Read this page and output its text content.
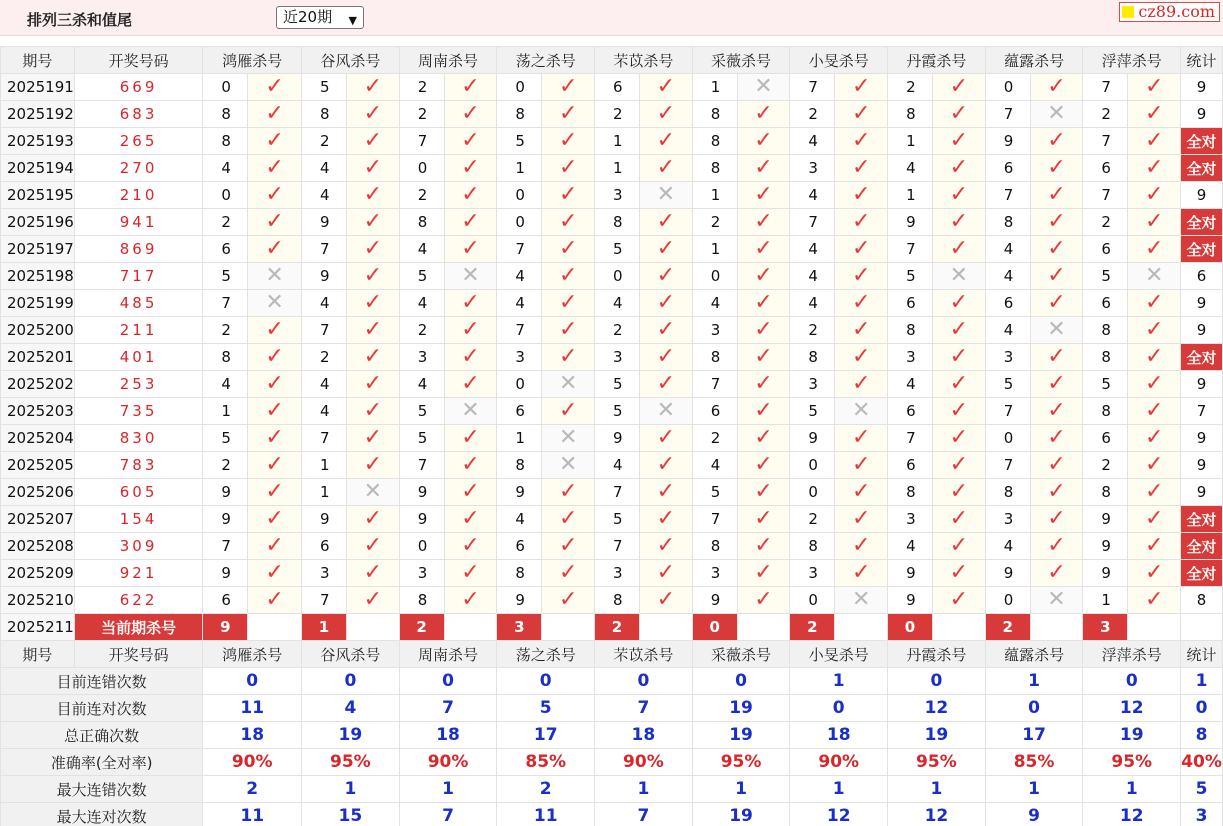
排列三杀和值尾	近20期 ▼	cz89.com
期号	开奖号码	鸿雁杀号		谷风杀号		周南杀号		荡之杀号		芣苡杀号		采薇杀号		小旻杀号		丹霞杀号		蕴露杀号		浮萍杀号		统计
2025191	669	0	✓	5	✓	2	✓	0	✓	6	✓	1	✕	7	✓	2	✓	0	✓	7	✓	9
2025192	683	8	✓	8	✓	2	✓	8	✓	2	✓	8	✓	2	✓	8	✓	7	✕	2	✓	9
2025193	265	8	✓	2	✓	7	✓	5	✓	1	✓	8	✓	4	✓	1	✓	9	✓	7	✓	全对
2025194	270	4	✓	4	✓	0	✓	1	✓	1	✓	8	✓	3	✓	4	✓	6	✓	6	✓	全对
2025195	210	0	✓	4	✓	2	✓	0	✓	3	✕	1	✓	4	✓	1	✓	7	✓	7	✓	9
2025196	941	2	✓	9	✓	8	✓	0	✓	8	✓	2	✓	7	✓	9	✓	8	✓	2	✓	全对
2025197	869	6	✓	7	✓	4	✓	7	✓	5	✓	1	✓	4	✓	7	✓	4	✓	6	✓	全对
2025198	717	5	✕	9	✓	5	✕	4	✓	0	✓	0	✓	4	✓	5	✕	4	✓	5	✕	6
2025199	485	7	✕	4	✓	4	✓	4	✓	4	✓	4	✓	4	✓	6	✓	6	✓	6	✓	9
2025200	211	2	✓	7	✓	2	✓	7	✓	2	✓	3	✓	2	✓	8	✓	4	✕	8	✓	9
2025201	401	8	✓	2	✓	3	✓	3	✓	3	✓	8	✓	8	✓	3	✓	3	✓	8	✓	全对
2025202	253	4	✓	4	✓	4	✓	0	✕	5	✓	7	✓	3	✓	4	✓	5	✓	5	✓	9
2025203	735	1	✓	4	✓	5	✕	6	✓	5	✕	6	✓	5	✕	6	✓	7	✓	8	✓	7
2025204	830	5	✓	7	✓	5	✓	1	✕	9	✓	2	✓	9	✓	7	✓	0	✓	6	✓	9
2025205	783	2	✓	1	✓	7	✓	8	✕	4	✓	4	✓	0	✓	6	✓	7	✓	2	✓	9
2025206	605	9	✓	1	✕	9	✓	9	✓	7	✓	5	✓	0	✓	8	✓	8	✓	8	✓	9
2025207	154	9	✓	9	✓	9	✓	4	✓	5	✓	7	✓	2	✓	3	✓	3	✓	9	✓	全对
2025208	309	7	✓	6	✓	0	✓	6	✓	7	✓	8	✓	8	✓	4	✓	4	✓	9	✓	全对
2025209	921	9	✓	3	✓	3	✓	8	✓	3	✓	3	✓	3	✓	9	✓	9	✓	9	✓	全对
2025210	622	6	✓	7	✓	8	✓	9	✓	8	✓	9	✓	0	✕	9	✓	0	✕	1	✓	8
2025211	当前期杀号	9		1		2		3		2		0		2		0		2		3		
期号	开奖号码	鸿雁杀号		谷风杀号		周南杀号		荡之杀号		芣苡杀号		采薇杀号		小旻杀号		丹霞杀号		蕴露杀号		浮萍杀号		统计
目前连错次数		0		0		0		0		0		0		1		0		1		0		1
目前连对次数		11		4		7		5		7		19		0		12		0		12		0
总正确次数		18		19		18		17		18		19		18		19		17		19		8
准确率(全对率)		90%		95%		90%		85%		90%		95%		90%		95%		85%		95%		40%
最大连错次数		2		1		1		2		1		1		1		1		1		1		5
最大连对次数		11		15		7		11		7		19		12		12		9		12		3
